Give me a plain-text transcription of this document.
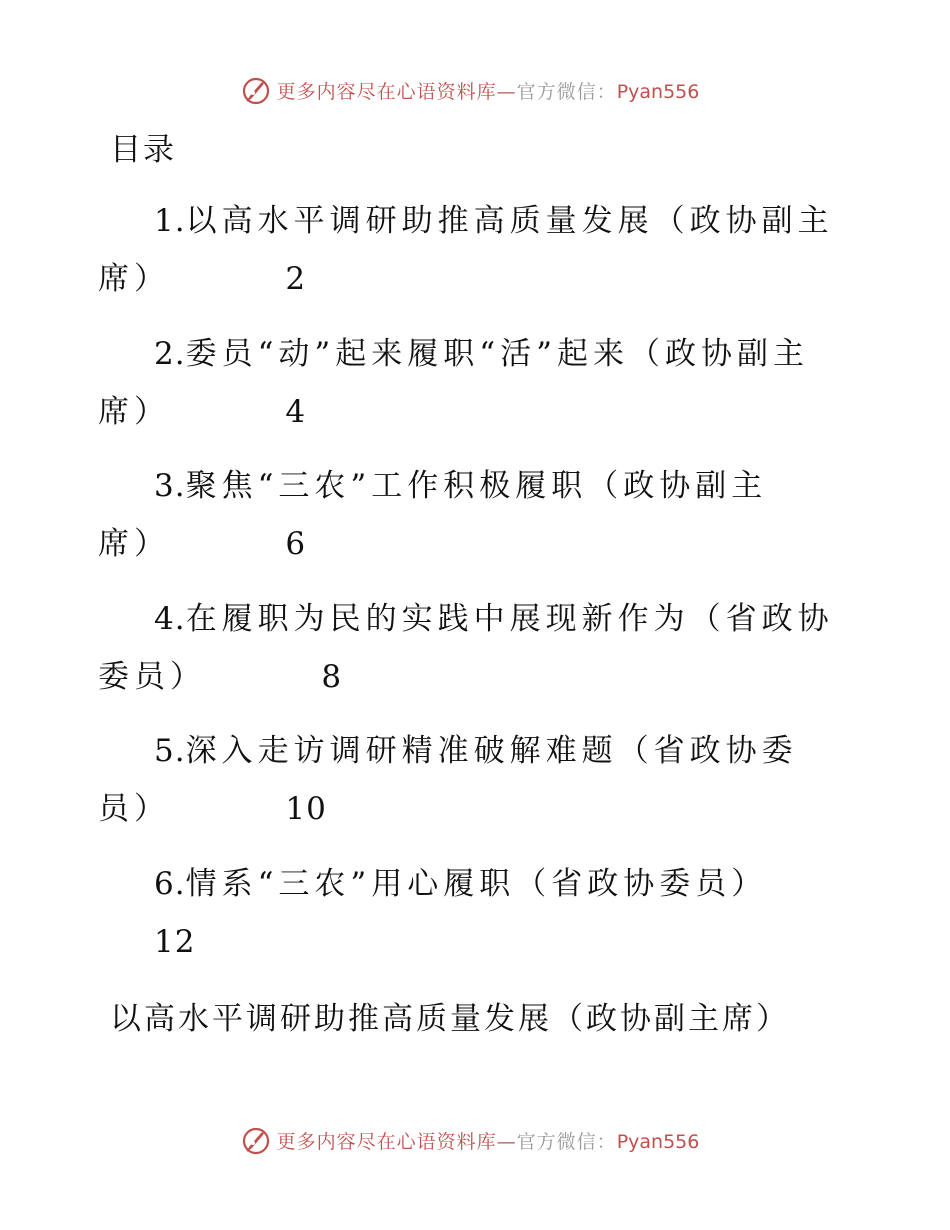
更多内容尽在心语资料库—官方微信：Pyan556
目录
1.以高水平调研助推高质量发展（政协副主席）	2
2.委员“动”起来履职“活”起来（政协副主席）	4
3.聚焦“三农”工作积极履职（政协副主席）	6
4.在履职为民的实践中展现新作为（省政协委员）	8
5.深入走访调研精准破解难题（省政协委员）	10
6.情系“三农”用心履职（省政协委员）    12
以高水平调研助推高质量发展（政协副主席）
更多内容尽在心语资料库—官方微信：Pyan556
